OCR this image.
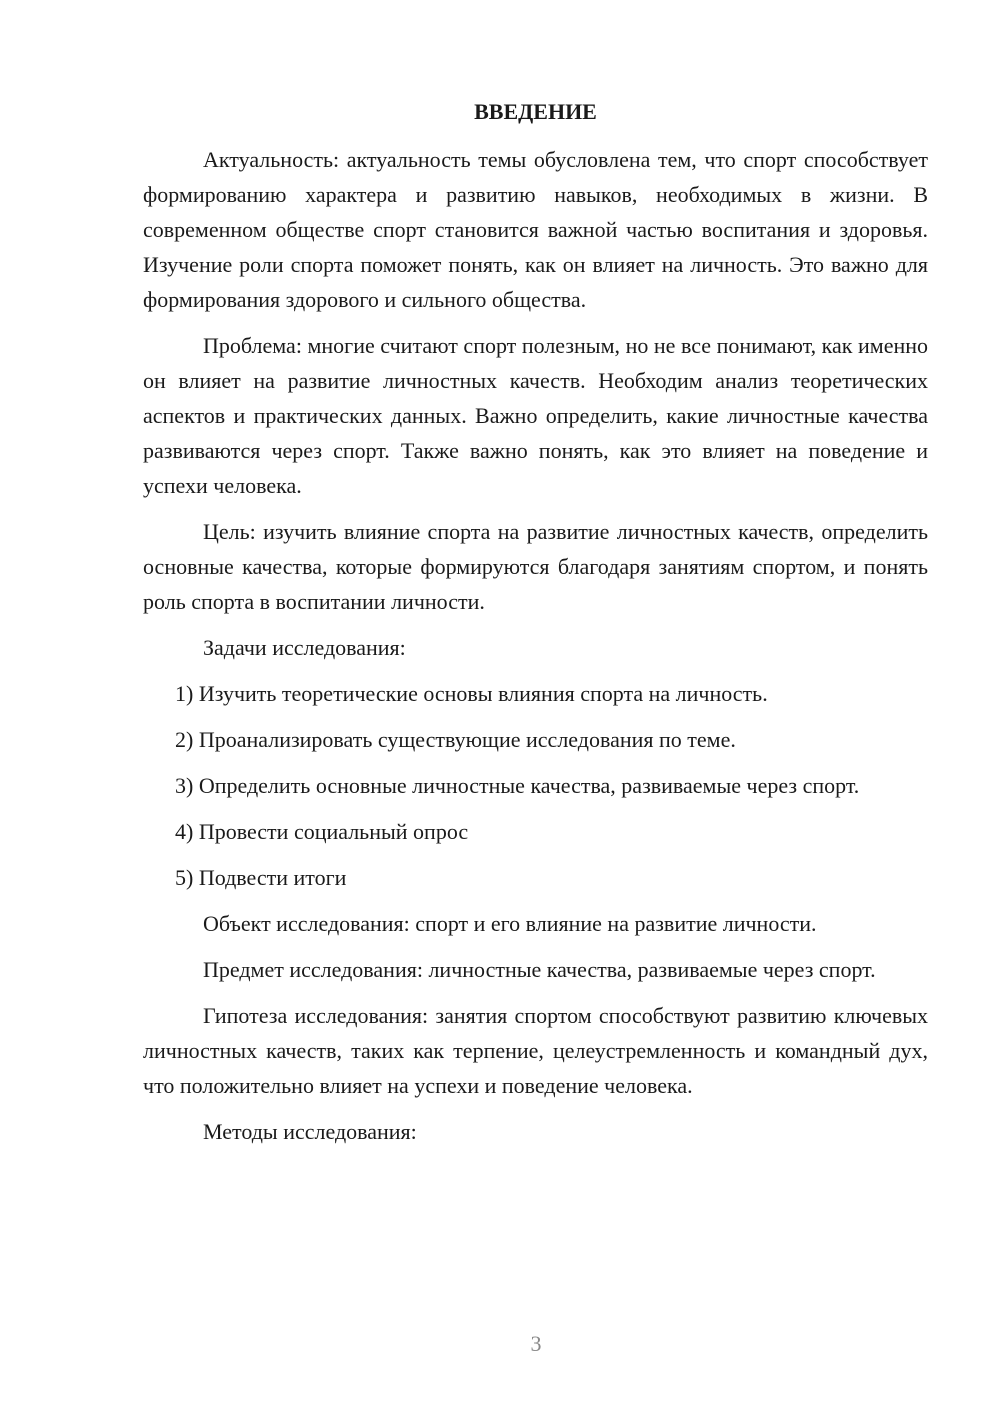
ВВЕДЕНИЕ

Актуальность: актуальность темы обусловлена тем, что спорт способствует формированию характера и развитию навыков, необходимых в жизни. В современном обществе спорт становится важной частью воспитания и здоровья. Изучение роли спорта поможет понять, как он влияет на личность. Это важно для формирования здорового и сильного общества.

Проблема: многие считают спорт полезным, но не все понимают, как именно он влияет на развитие личностных качеств. Необходим анализ теоретических аспектов и практических данных. Важно определить, какие личностные качества развиваются через спорт. Также важно понять, как это влияет на поведение и успехи человека.

Цель: изучить влияние спорта на развитие личностных качеств, определить основные качества, которые формируются благодаря занятиям спортом, и понять роль спорта в воспитании личности.

Задачи исследования:

1) Изучить теоретические основы влияния спорта на личность.

2) Проанализировать существующие исследования по теме.

3) Определить основные личностные качества, развиваемые через спорт.

4) Провести социальный опрос

5) Подвести итоги

Объект исследования: спорт и его влияние на развитие личности.

Предмет исследования: личностные качества, развиваемые через спорт.

Гипотеза исследования: занятия спортом способствуют развитию ключевых личностных качеств, таких как терпение, целеустремленность и командный дух, что положительно влияет на успехи и поведение человека.

Методы исследования:

3
